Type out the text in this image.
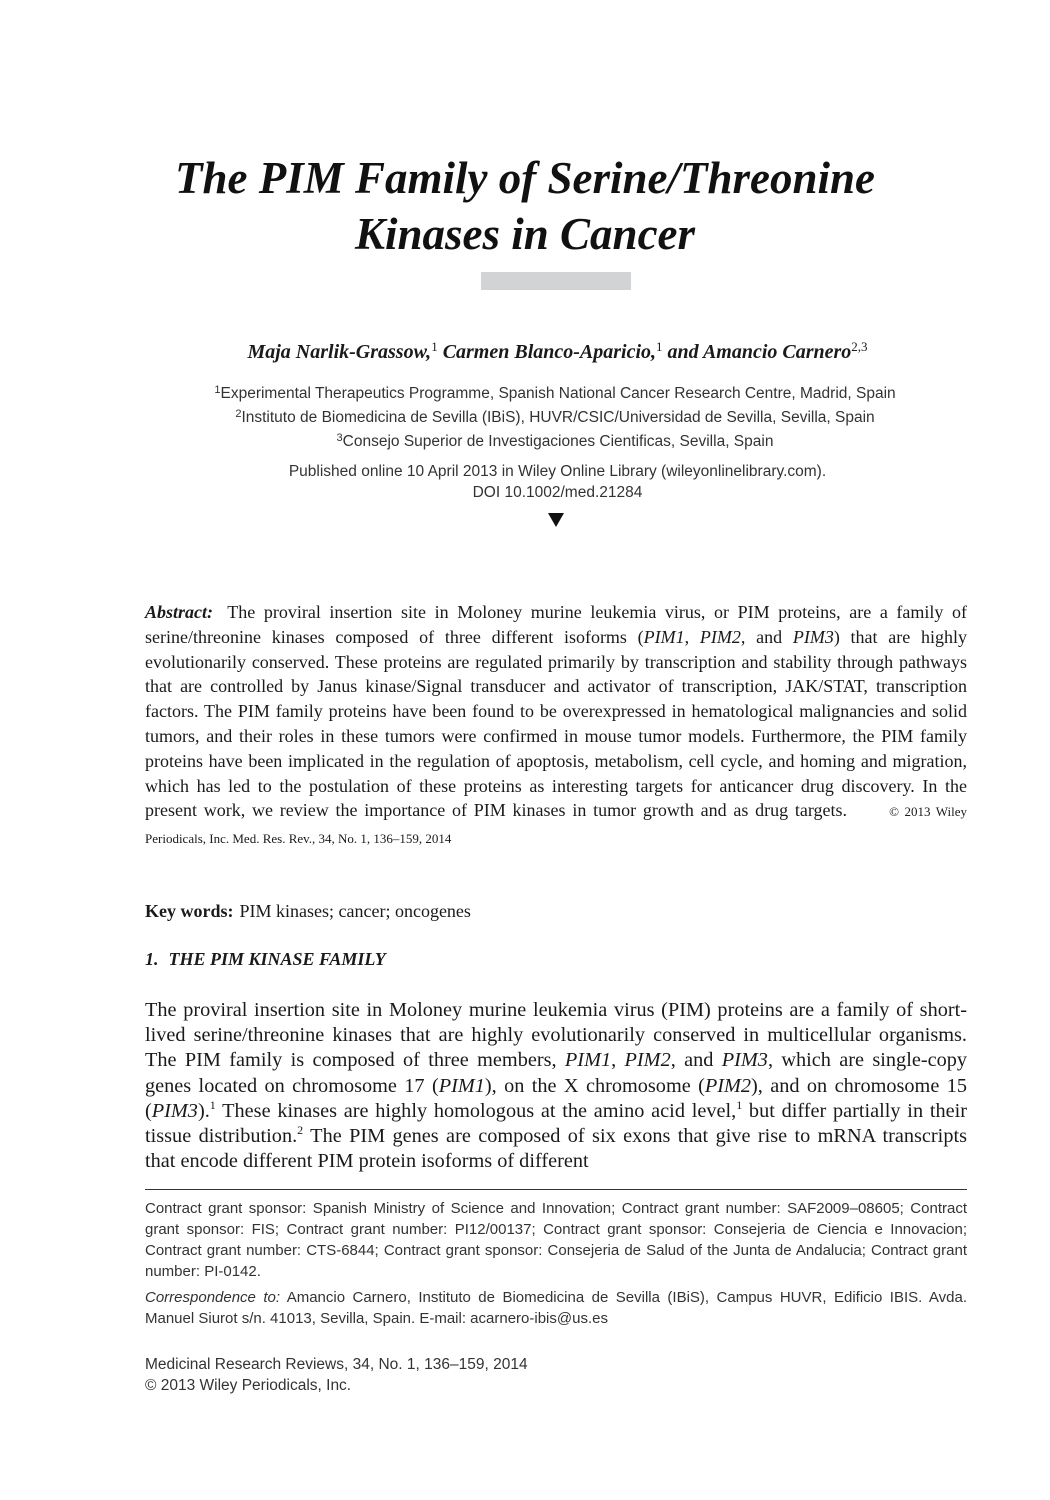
The PIM Family of Serine/Threonine
Kinases in Cancer
Maja Narlik-Grassow,$^1$ Carmen Blanco-Aparicio,$^1$ and Amancio Carnero$^{2,3}$
$^1$Experimental Therapeutics Programme, Spanish National Cancer Research Centre, Madrid, Spain
$^2$Instituto de Biomedicina de Sevilla (IBiS), HUVR/CSIC/Universidad de Sevilla, Sevilla, Spain
$^3$Consejo Superior de Investigaciones Cientificas, Sevilla, Spain
Published online 10 April 2013 in Wiley Online Library (wileyonlinelibrary.com).
DOI 10.1002/med.21284

Abstract: The proviral insertion site in Moloney murine leukemia virus, or PIM proteins, are a family of serine/threonine kinases composed of three different isoforms (PIM1, PIM2, and PIM3) that are highly evolutionarily conserved. These proteins are regulated primarily by transcription and stability through pathways that are controlled by Janus kinase/Signal transducer and activator of transcription, JAK/STAT, transcription factors. The PIM family proteins have been found to be overexpressed in hematological malignancies and solid tumors, and their roles in these tumors were confirmed in mouse tumor models. Furthermore, the PIM family proteins have been implicated in the regulation of apoptosis, metabolism, cell cycle, and homing and migration, which has led to the postulation of these proteins as interesting targets for anticancer drug discovery. In the present work, we review the importance of PIM kinases in tumor growth and as drug targets.	© 2013 Wiley Periodicals, Inc. Med. Res. Rev., 34, No. 1, 136–159, 2014

Key words: PIM kinases; cancer; oncogenes

1. THE PIM KINASE FAMILY

The proviral insertion site in Moloney murine leukemia virus (PIM) proteins are a family of short-lived serine/threonine kinases that are highly evolutionarily conserved in multicellular organisms. The PIM family is composed of three members, PIM1, PIM2, and PIM3, which are single-copy genes located on chromosome 17 (PIM1), on the X chromosome (PIM2), and on chromosome 15 (PIM3).$^1$ These kinases are highly homologous at the amino acid level,$^1$ but differ partially in their tissue distribution.$^2$ The PIM genes are composed of six exons that give rise to mRNA transcripts that encode different PIM protein isoforms of different

Contract grant sponsor: Spanish Ministry of Science and Innovation; Contract grant number: SAF2009–08605; Contract grant sponsor: FIS; Contract grant number: PI12/00137; Contract grant sponsor: Consejeria de Ciencia e Innovacion; Contract grant number: CTS-6844; Contract grant sponsor: Consejeria de Salud of the Junta de Andalucia; Contract grant number: PI-0142.

Correspondence to: Amancio Carnero, Instituto de Biomedicina de Sevilla (IBiS), Campus HUVR, Edificio IBIS. Avda. Manuel Siurot s/n. 41013, Sevilla, Spain. E-mail: acarnero-ibis@us.es

Medicinal Research Reviews, 34, No. 1, 136–159, 2014

© 2013 Wiley Periodicals, Inc.
